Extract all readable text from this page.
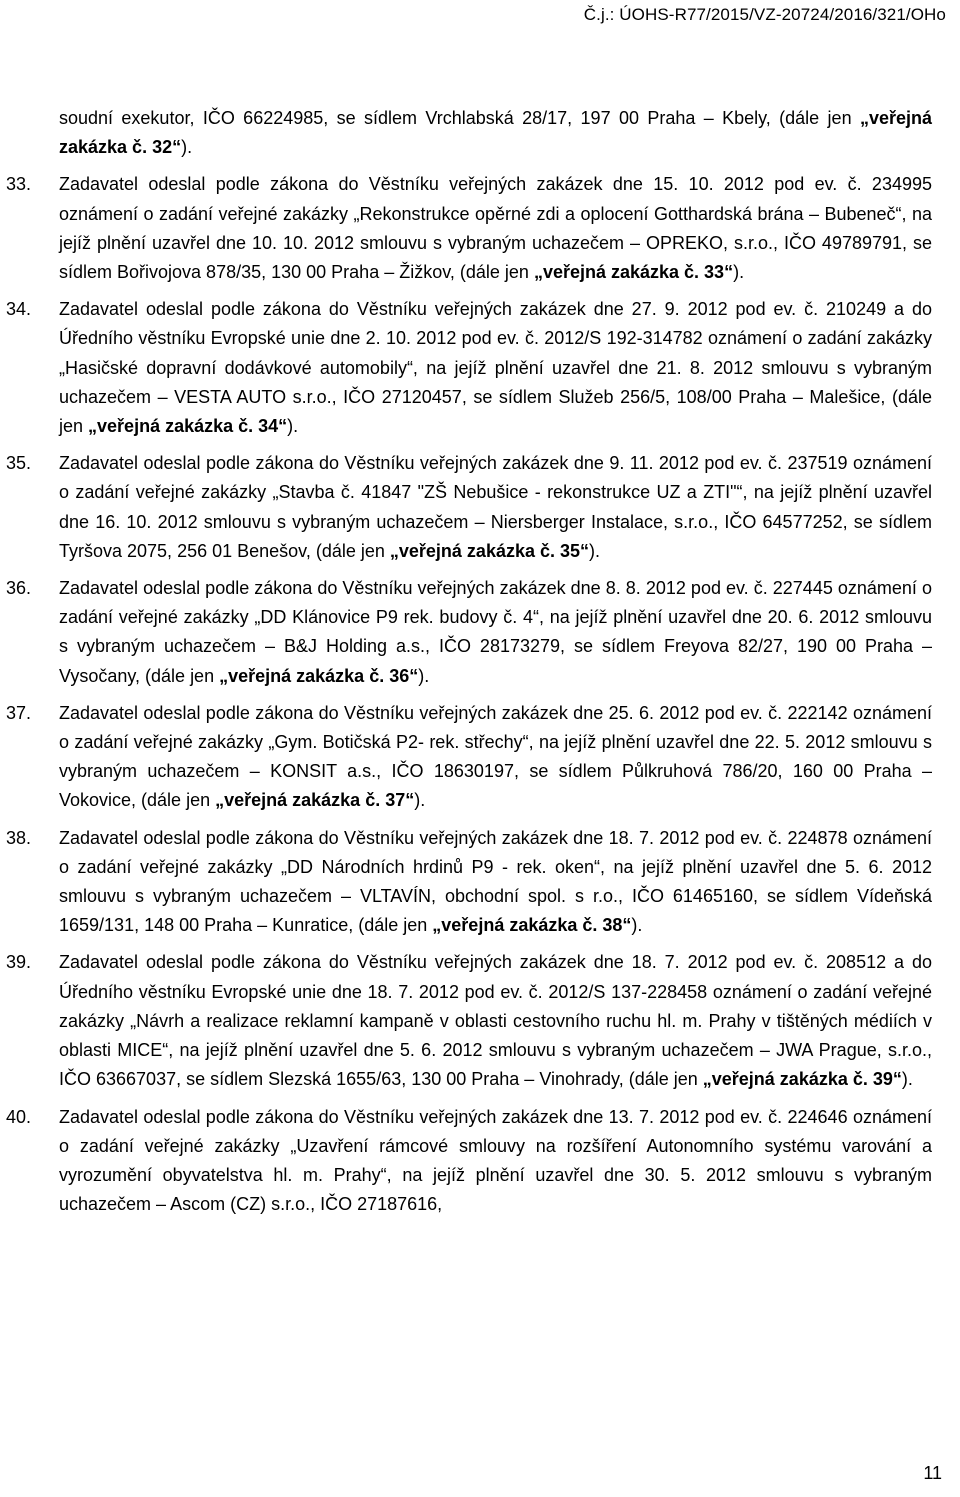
Č.j.: ÚOHS-R77/2015/VZ-20724/2016/321/OHo
soudní exekutor, IČO 66224985, se sídlem Vrchlabská 28/17, 197 00 Praha – Kbely, (dále jen „veřejná zakázka č. 32“).
33. Zadavatel odeslal podle zákona do Věstníku veřejných zakázek dne 15. 10. 2012 pod ev. č. 234995 oznámení o zadání veřejné zakázky „Rekonstrukce opěrné zdi a oplocení Gotthardská brána – Bubeneč“, na jejíž plnění uzavřel dne 10. 10. 2012 smlouvu s vybraným uchazečem – OPREKO, s.r.o., IČO 49789791, se sídlem Bořivojova 878/35, 130 00 Praha – Žižkov, (dále jen „veřejná zakázka č. 33“).
34. Zadavatel odeslal podle zákona do Věstníku veřejných zakázek dne 27. 9. 2012 pod ev. č. 210249 a do Úředního věstníku Evropské unie dne 2. 10. 2012 pod ev. č. 2012/S 192-314782 oznámení o zadání zakázky „Hasičské dopravní dodávkové automobily“, na jejíž plnění uzavřel dne 21. 8. 2012 smlouvu s vybraným uchazečem – VESTA AUTO s.r.o., IČO 27120457, se sídlem Služeb 256/5, 108/00 Praha – Malešice, (dále jen „veřejná zakázka č. 34“).
35. Zadavatel odeslal podle zákona do Věstníku veřejných zakázek dne 9. 11. 2012 pod ev. č. 237519 oznámení o zadání veřejné zakázky „Stavba č. 41847 "ZŠ Nebušice - rekonstrukce UZ a ZTI"“, na jejíž plnění uzavřel dne 16. 10. 2012 smlouvu s vybraným uchazečem – Niersberger Instalace, s.r.o., IČO 64577252, se sídlem Tyršova 2075, 256 01 Benešov, (dále jen „veřejná zakázka č. 35“).
36. Zadavatel odeslal podle zákona do Věstníku veřejných zakázek dne 8. 8. 2012 pod ev. č. 227445 oznámení o zadání veřejné zakázky „DD Klánovice P9 rek. budovy č. 4“, na jejíž plnění uzavřel dne 20. 6. 2012 smlouvu s vybraným uchazečem – B&J Holding a.s., IČO 28173279, se sídlem Freyova 82/27, 190 00 Praha – Vysočany, (dále jen „veřejná zakázka č. 36“).
37. Zadavatel odeslal podle zákona do Věstníku veřejných zakázek dne 25. 6. 2012 pod ev. č. 222142 oznámení o zadání veřejné zakázky „Gym. Botičská P2- rek. střechy“, na jejíž plnění uzavřel dne 22. 5. 2012 smlouvu s vybraným uchazečem – KONSIT a.s., IČO 18630197, se sídlem Půlkruhová 786/20, 160 00 Praha – Vokovice, (dále jen „veřejná zakázka č. 37“).
38. Zadavatel odeslal podle zákona do Věstníku veřejných zakázek dne 18. 7. 2012 pod ev. č. 224878 oznámení o zadání veřejné zakázky „DD Národních hrdinů P9 - rek. oken“, na jejíž plnění uzavřel dne 5. 6. 2012 smlouvu s vybraným uchazečem – VLTAVÍN, obchodní spol. s r.o., IČO 61465160, se sídlem Vídeňská 1659/131, 148 00 Praha – Kunratice, (dále jen „veřejná zakázka č. 38“).
39. Zadavatel odeslal podle zákona do Věstníku veřejných zakázek dne 18. 7. 2012 pod ev. č. 208512 a do Úředního věstníku Evropské unie dne 18. 7. 2012 pod ev. č. 2012/S 137-228458 oznámení o zadání veřejné zakázky „Návrh a realizace reklamní kampaně v oblasti cestovního ruchu hl. m. Prahy v tištěných médiích v oblasti MICE“, na jejíž plnění uzavřel dne 5. 6. 2012 smlouvu s vybraným uchazečem – JWA Prague, s.r.o., IČO 63667037, se sídlem Slezská 1655/63, 130 00 Praha – Vinohrady, (dále jen „veřejná zakázka č. 39“).
40. Zadavatel odeslal podle zákona do Věstníku veřejných zakázek dne 13. 7. 2012 pod ev. č. 224646 oznámení o zadání veřejné zakázky „Uzavření rámcové smlouvy na rozšíření Autonomního systému varování a vyrozumění obyvatelstva hl. m. Prahy“, na jejíž plnění uzavřel dne 30. 5. 2012 smlouvu s vybraným uchazečem – Ascom (CZ) s.r.o., IČO 27187616,
11
